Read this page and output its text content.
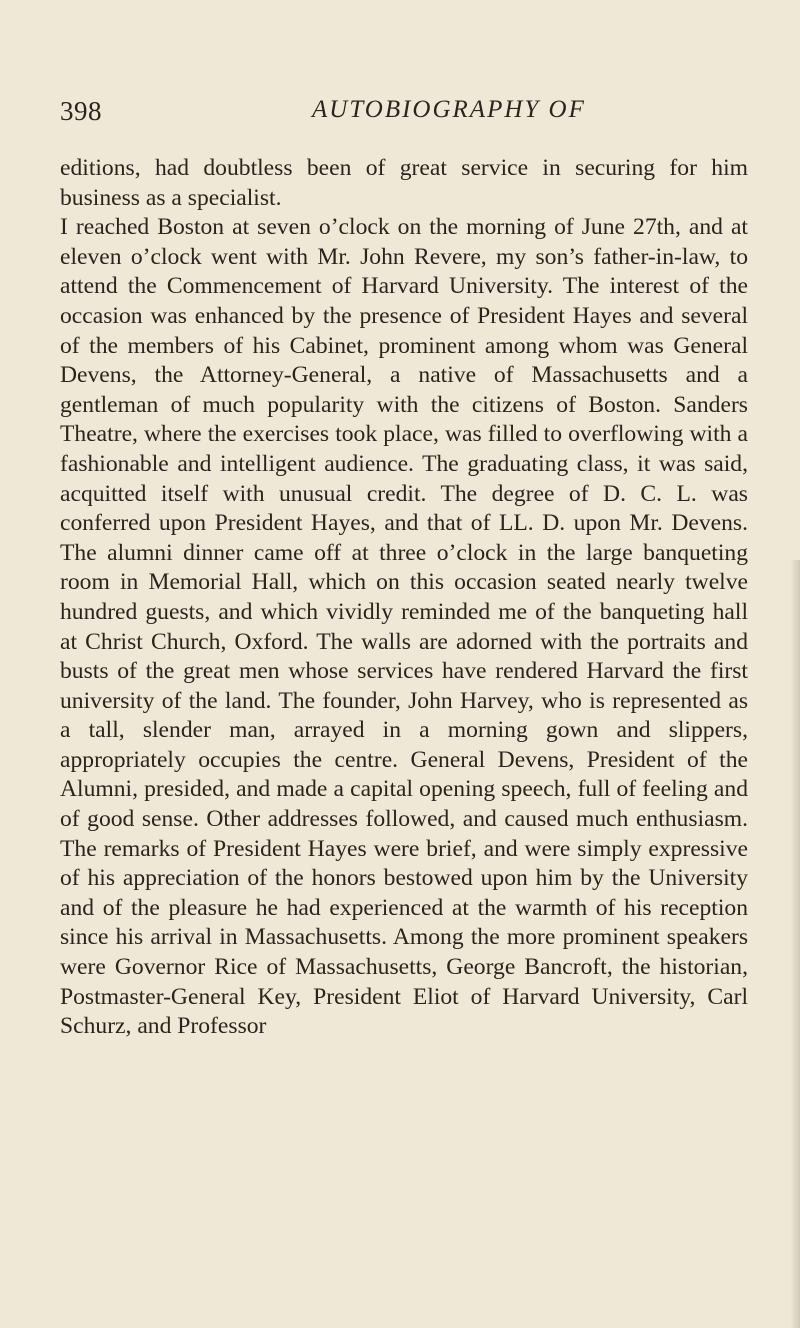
398	AUTOBIOGRAPHY OF

editions, had doubtless been of great service in securing for him business as a specialist.

I reached Boston at seven o’clock on the morning of June 27th, and at eleven o’clock went with Mr. John Revere, my son’s father-in-law, to attend the Commencement of Harvard University. The interest of the occasion was enhanced by the presence of President Hayes and several of the members of his Cabinet, prominent among whom was General Devens, the Attorney-General, a native of Massachusetts and a gentleman of much popularity with the citizens of Boston. Sanders Theatre, where the exercises took place, was filled to overflowing with a fashionable and intelligent audience. The graduating class, it was said, acquitted itself with unusual credit. The degree of D. C. L. was conferred upon President Hayes, and that of LL. D. upon Mr. Devens. The alumni dinner came off at three o’clock in the large banqueting room in Memorial Hall, which on this occasion seated nearly twelve hundred guests, and which vividly reminded me of the banqueting hall at Christ Church, Oxford. The walls are adorned with the portraits and busts of the great men whose services have rendered Harvard the first university of the land. The founder, John Harvey, who is represented as a tall, slender man, arrayed in a morning gown and slippers, appropriately occupies the centre. General Devens, President of the Alumni, presided, and made a capital opening speech, full of feeling and of good sense. Other addresses followed, and caused much enthusiasm. The remarks of President Hayes were brief, and were simply expressive of his appreciation of the honors bestowed upon him by the University and of the pleasure he had experienced at the warmth of his reception since his arrival in Massachusetts. Among the more prominent speakers were Governor Rice of Massachusetts, George Bancroft, the historian, Postmaster-General Key, President Eliot of Harvard University, Carl Schurz, and Professor
